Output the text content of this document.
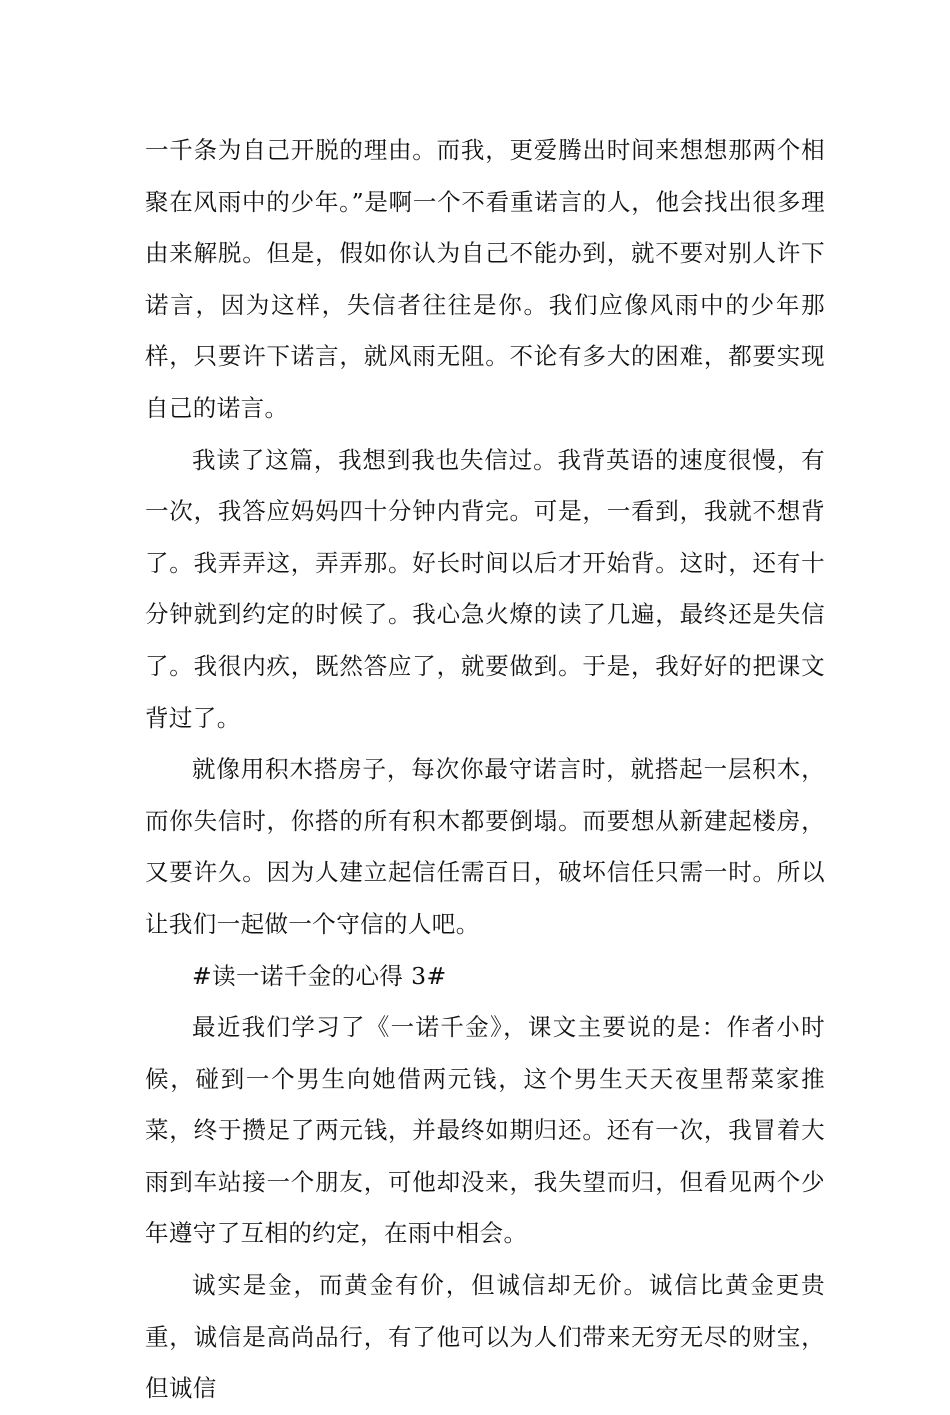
一千条为自己开脱的理由。而我，更爱腾出时间来想想那两个相聚在风雨中的少年。”是啊一个不看重诺言的人，他会找出很多理由来解脱。但是，假如你认为自己不能办到，就不要对别人许下诺言，因为这样，失信者往往是你。我们应像风雨中的少年那样，只要许下诺言，就风雨无阻。不论有多大的困难，都要实现自己的诺言。

我读了这篇，我想到我也失信过。我背英语的速度很慢，有一次，我答应妈妈四十分钟内背完。可是，一看到，我就不想背了。我弄弄这，弄弄那。好长时间以后才开始背。这时，还有十分钟就到约定的时候了。我心急火燎的读了几遍，最终还是失信了。我很内疚，既然答应了，就要做到。于是，我好好的把课文背过了。

就像用积木搭房子，每次你最守诺言时，就搭起一层积木，而你失信时，你搭的所有积木都要倒塌。而要想从新建起楼房，又要许久。因为人建立起信任需百日，破坏信任只需一时。所以让我们一起做一个守信的人吧。

#读一诺千金的心得 3#

最近我们学习了《一诺千金》，课文主要说的是：作者小时候，碰到一个男生向她借两元钱，这个男生天天夜里帮菜家推菜，终于攒足了两元钱，并最终如期归还。还有一次，我冒着大雨到车站接一个朋友，可他却没来，我失望而归，但看见两个少年遵守了互相的约定，在雨中相会。

诚实是金，而黄金有价，但诚信却无价。诚信比黄金更贵重，诚信是高尚品行，有了他可以为人们带来无穷无尽的财宝，但诚信
